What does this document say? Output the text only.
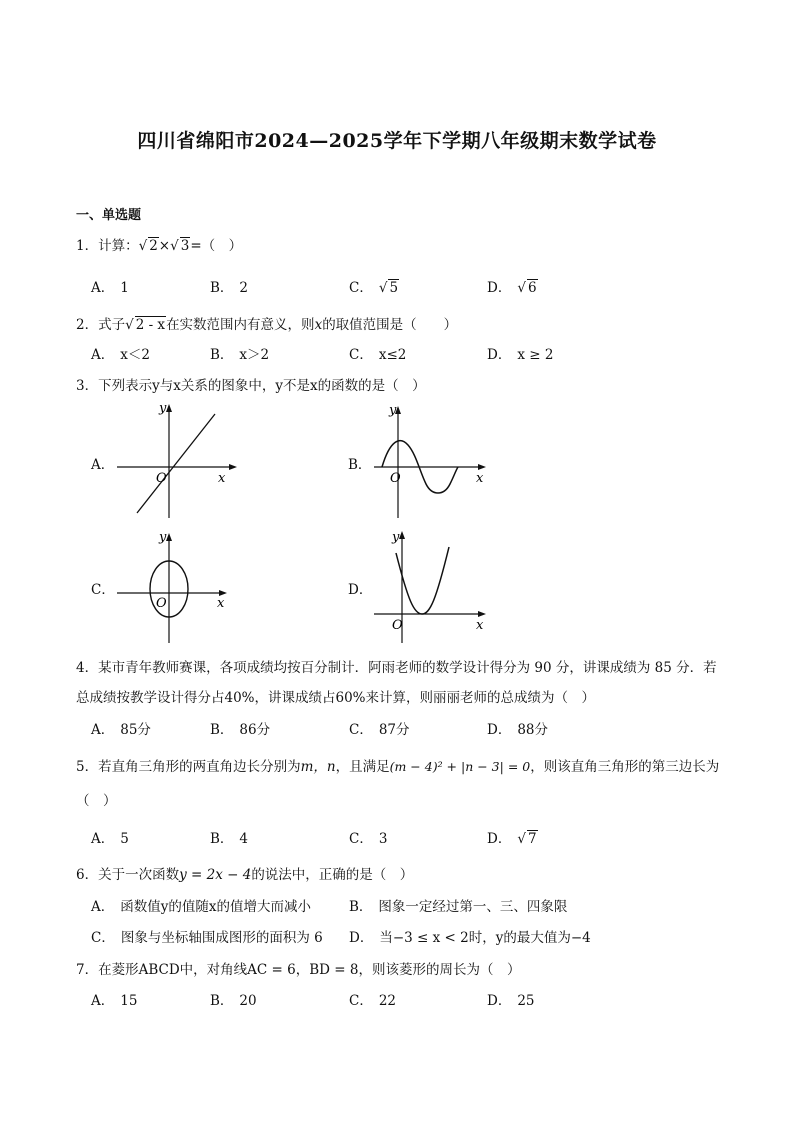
四川省绵阳市2024—2025学年下学期八年级期末数学试卷
一、单选题
1．计算：√ 2×√ 3=（　）
A． 1	B． 2	C． √ 5	D． √ 6
2．式子√ 2 - x在实数范围内有意义，则x的取值范围是（　　）
A． x＜2	B． x＞2	C． x≤2	D． x ≥ 2
3．下列表示y与x关系的图象中，y不是x的函数的是（　）
A．
y
x
O
B．
y
x
O
C．
y
x
O
D．
y
x
O
4．某市青年教师赛课，各项成绩均按百分制计．阿雨老师的数学设计得分为 90 分，讲课成绩为 85 分．若
总成绩按教学设计得分占40%，讲课成绩占60%来计算，则丽丽老师的总成绩为（　）
A． 85分	B． 86分	C． 87分	D． 88分
5．若直角三角形的两直角边长分别为m，n，且满足(m − 4)² + |n − 3| = 0，则该直角三角形的第三边长为
（　）
A． 5	B． 4	C． 3	D． √ 7
6．关于一次函数y = 2x − 4的说法中，正确的是（　）
A． 函数值y的值随x的值增大而减小	B． 图象一定经过第一、三、四象限
C． 图象与坐标轴围成图形的面积为 6 D． 当−3 ≤ x < 2时，y的最大值为−4
7．在菱形ABCD中，对角线AC = 6，BD = 8，则该菱形的周长为（　）
A． 15	B． 20	C． 22	D． 25
